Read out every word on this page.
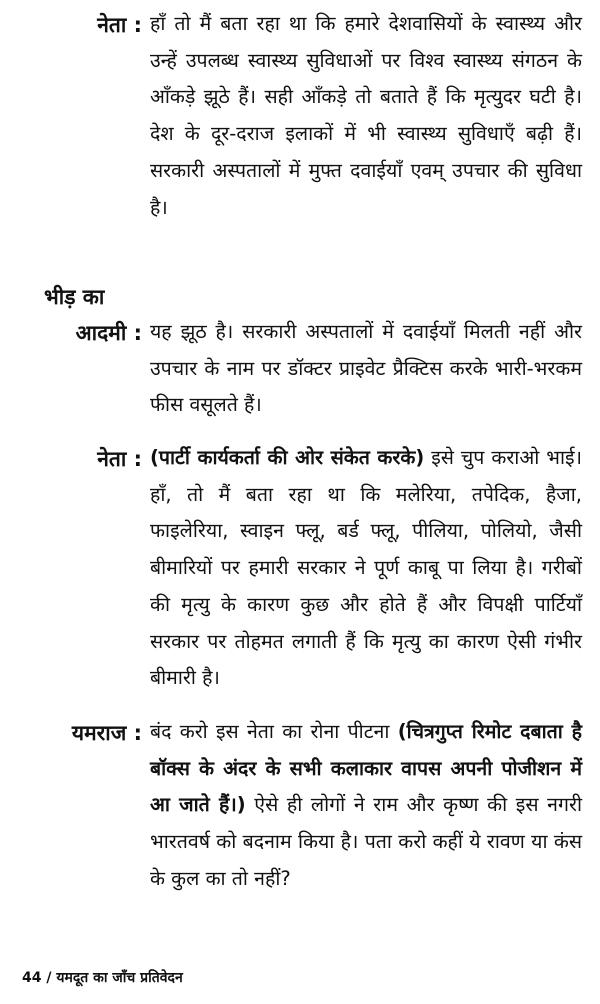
नेता : हाँ तो मैं बता रहा था कि हमारे देशवासियों के स्वास्थ्य और उन्हें उपलब्ध स्वास्थ्य सुविधाओं पर विश्व स्वास्थ्य संगठन के आँकड़े झूठे हैं। सही आँकड़े तो बताते हैं कि मृत्युदर घटी है। देश के दूर-दराज इलाकों में भी स्वास्थ्य सुविधाएँ बढ़ी हैं। सरकारी अस्पतालों में मुफ्त दवाईयाँ एवम् उपचार की सुविधा है।
भीड़ का
आदमी : यह झूठ है। सरकारी अस्पतालों में दवाईयाँ मिलती नहीं और उपचार के नाम पर डॉक्टर प्राइवेट प्रैक्टिस करके भारी-भरकम फीस वसूलते हैं।
नेता : (पार्टी कार्यकर्ता की ओर संकेत करके) इसे चुप कराओ भाई। हाँ, तो मैं बता रहा था कि मलेरिया, तपेदिक, हैजा, फाइलेरिया, स्वाइन फ्लू, बर्ड फ्लू, पीलिया, पोलियो, जैसी बीमारियों पर हमारी सरकार ने पूर्ण काबू पा लिया है। गरीबों की मृत्यु के कारण कुछ और होते हैं और विपक्षी पार्टियाँ सरकार पर तोहमत लगाती हैं कि मृत्यु का कारण ऐसी गंभीर बीमारी है।
यमराज : बंद करो इस नेता का रोना पीटना (चित्रगुप्त रिमोट दबाता है बॉक्स के अंदर के सभी कलाकार वापस अपनी पोजीशन में आ जाते हैं।) ऐसे ही लोगों ने राम और कृष्ण की इस नगरी भारतवर्ष को बदनाम किया है। पता करो कहीं ये रावण या कंस के कुल का तो नहीं?
44 / यमदूत का जाँच प्रतिवेदन
